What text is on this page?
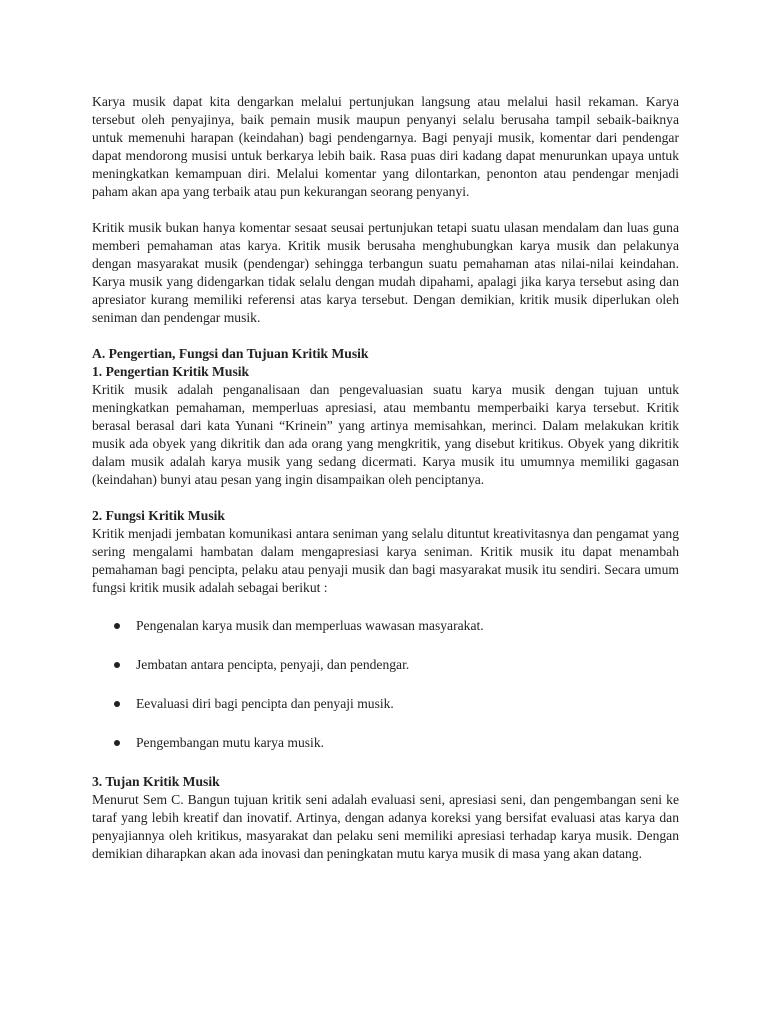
Karya musik dapat kita dengarkan melalui pertunjukan langsung atau melalui hasil rekaman. Karya tersebut oleh penyajinya, baik pemain musik maupun penyanyi selalu berusaha tampil sebaik-baiknya untuk memenuhi harapan (keindahan) bagi pendengarnya. Bagi penyaji musik, komentar dari pendengar dapat mendorong musisi untuk berkarya lebih baik. Rasa puas diri kadang dapat menurunkan upaya untuk meningkatkan kemampuan diri. Melalui komentar yang dilontarkan, penonton atau pendengar menjadi paham akan apa yang terbaik atau pun kekurangan seorang penyanyi.

Kritik musik bukan hanya komentar sesaat seusai pertunjukan tetapi suatu ulasan mendalam dan luas guna memberi pemahaman atas karya. Kritik musik berusaha menghubungkan karya musik dan pelakunya dengan masyarakat musik (pendengar) sehingga terbangun suatu pemahaman atas nilai-nilai keindahan. Karya musik yang didengarkan tidak selalu dengan mudah dipahami, apalagi jika karya tersebut asing dan apresiator kurang memiliki referensi atas karya tersebut. Dengan demikian, kritik musik diperlukan oleh seniman dan pendengar musik.

A. Pengertian, Fungsi dan Tujuan Kritik Musik

1. Pengertian Kritik Musik

Kritik musik adalah penganalisaan dan pengevaluasian suatu karya musik dengan tujuan untuk meningkatkan pemahaman, memperluas apresiasi, atau membantu memperbaiki karya tersebut. Kritik berasal berasal dari kata Yunani “Krinein” yang artinya memisahkan, merinci. Dalam melakukan kritik musik ada obyek yang dikritik dan ada orang yang mengkritik, yang disebut kritikus. Obyek yang dikritik dalam musik adalah karya musik yang sedang dicermati. Karya musik itu umumnya memiliki gagasan (keindahan) bunyi atau pesan yang ingin disampaikan oleh penciptanya.

2. Fungsi Kritik Musik

Kritik menjadi jembatan komunikasi antara seniman yang selalu dituntut kreativitasnya dan pengamat yang sering mengalami hambatan dalam mengapresiasi karya seniman. Kritik musik itu dapat menambah pemahaman bagi pencipta, pelaku atau penyaji musik dan bagi masyarakat musik itu sendiri. Secara umum fungsi kritik musik adalah sebagai berikut :

Pengenalan karya musik dan memperluas wawasan masyarakat.
Jembatan antara pencipta, penyaji, dan pendengar.
Eevaluasi diri bagi pencipta dan penyaji musik.
Pengembangan mutu karya musik.

3. Tujan Kritik Musik

Menurut Sem C. Bangun tujuan kritik seni adalah evaluasi seni, apresiasi seni, dan pengembangan seni ke taraf yang lebih kreatif dan inovatif. Artinya, dengan adanya koreksi yang bersifat evaluasi atas karya dan penyajiannya oleh kritikus, masyarakat dan pelaku seni memiliki apresiasi terhadap karya musik. Dengan demikian diharapkan akan ada inovasi dan peningkatan mutu karya musik di masa yang akan datang.
